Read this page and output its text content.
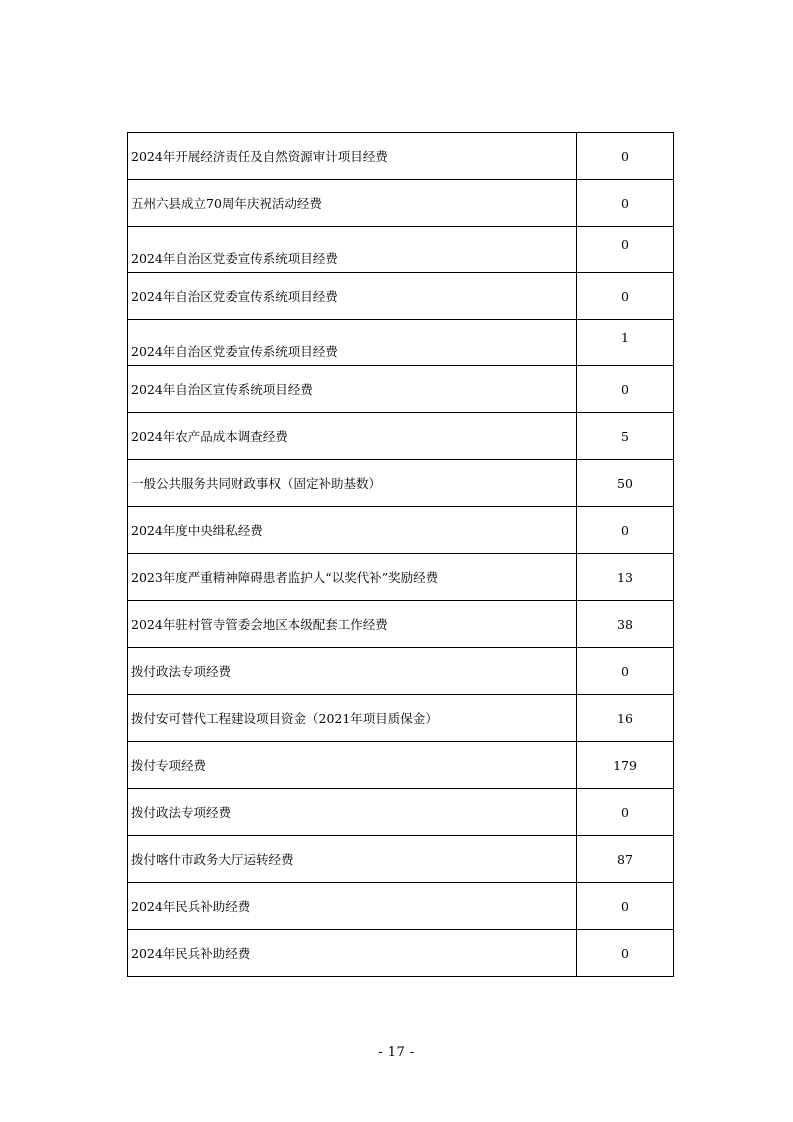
2024年开展经济责任及自然资源审计项目经费	0
五州六县成立70周年庆祝活动经费	0
2024年自治区党委宣传系统项目经费	0
2024年自治区党委宣传系统项目经费	0
2024年自治区党委宣传系统项目经费	1
2024年自治区宣传系统项目经费	0
2024年农产品成本调查经费	5
一般公共服务共同财政事权（固定补助基数）	50
2024年度中央缉私经费	0
2023年度严重精神障碍患者监护人“以奖代补”奖励经费	13
2024年驻村管寺管委会地区本级配套工作经费	38
拨付政法专项经费	0
拨付安可替代工程建设项目资金（2021年项目质保金）	16
拨付专项经费	179
拨付政法专项经费	0
拨付喀什市政务大厅运转经费	87
2024年民兵补助经费	0
2024年民兵补助经费	0
- 17 -
